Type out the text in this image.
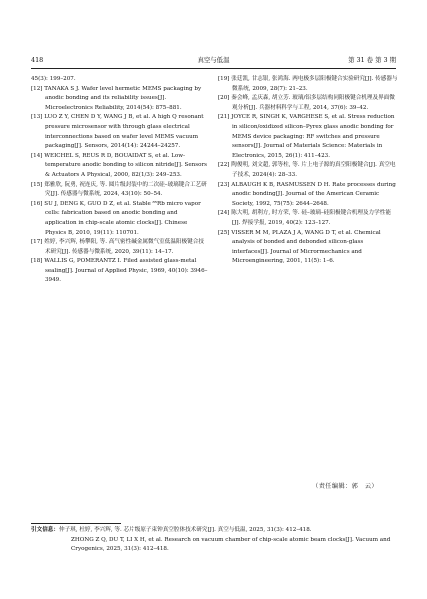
418	真空与低温	第 31 卷 第 3 期

45(3): 199–207.

[12] TANAKA S J. Wafer level hermetic MEMS packaging by anodic bonding and its reliability issues[J]. Microelectronics Reliability, 2014(54): 875–881.

[13] LUO Z Y, CHEN D Y, WANG J B, et al. A high Q resonant pressure microsensor with through glass electrical interconnections based on wafer level MEMS vacuum packaging[J]. Sensors, 2014(14): 24244–24257.

[14] WEICHEL S, REUS R D, BOUAIDAT S, et al. Low-temperature anodic bonding to silicon nitride[J]. Sensors & Actuators A Physical, 2000, 82(1/3): 249–253.

[15] 郑雅欣, 阮勇, 祝连庆, 等. 圆片级封装中的二次硅–玻璃键合工艺研究[J]. 传感器与微系统, 2024, 43(10): 50–54.

[16] SU J, DENG K, GUO D Z, et al. Stable ⁸⁵Rb micro vapor cells: fabrication based on anodic bonding and application in chip-scale atomic clocks[J]. Chinese Physics B, 2010, 19(11): 110701.

[17] 姓婷, 李兴辉, 杨攀阳, 等. 高气密性碱金属微气室低温阳极键合技术研究[J]. 传感器与微系统, 2020, 39(11): 14–17.

[18] WALLIS G, POMERANTZ I. Filed assisted glass-metal sealing[J]. Journal of Applied Physic, 1969, 40(10): 3946–3949.

[19] 张廷凯, 甘志银, 张鸿海. 两电极多层阳极键合实验研究[J]. 传感器与微系统, 2009, 28(7): 21–23.

[20] 秦会峰, 孟庆森, 胡立芳. 玻璃/铝多层结构同阳极键合机理及界面微观分析[J]. 兵器材料科学与工程, 2014, 37(6): 39–42.

[21] JOYCE R, SINGH K, VARGHESE S, et al. Stress reduction in silicon/oxidized silicon–Pyrex glass anodic bonding for MEMS device packaging: RF switches and pressure sensors[J]. Journal of Materials Science: Materials in Electronics, 2015, 26(1): 411–423.

[22] 陶俊明, 刘文超, 郭等柱, 等. 片上电子源的真空阳极键合[J]. 真空电子技术, 2024(4): 28–33.

[23] ALBAUGH K B, RASMUSSEN D H. Rate processes during anodic bonding[J]. Journal of the American Ceramic Society, 1992, 75(75): 2644–2648.

[24] 陈大明, 胡利方, 时方荣, 等. 硅–玻璃–硅阳极键合机理及力学性能[J]. 焊接学报, 2019, 40(2): 123–127.

[25] VISSER M M, PLAZA J A, WANG D T, et al. Chemical analysis of bonded and debonded silicon-glass interfaces[J]. Journal of Micrormechanics and Microengineering, 2001, 11(5): 1–6.

（责任编辑：郭　云）
引文信息：仲子琪, 杜婷, 李兴辉, 等. 芯片级原子束钟真空腔体技术研究[J]. 真空与低温, 2025, 31(3): 412–418.
ZHONG Z Q, DU T, LI X H, et al. Research on vacuum chamber of chip-scale atomic beam clocks[J]. Vacuum and Cryogenics, 2025, 31(3): 412–418.
